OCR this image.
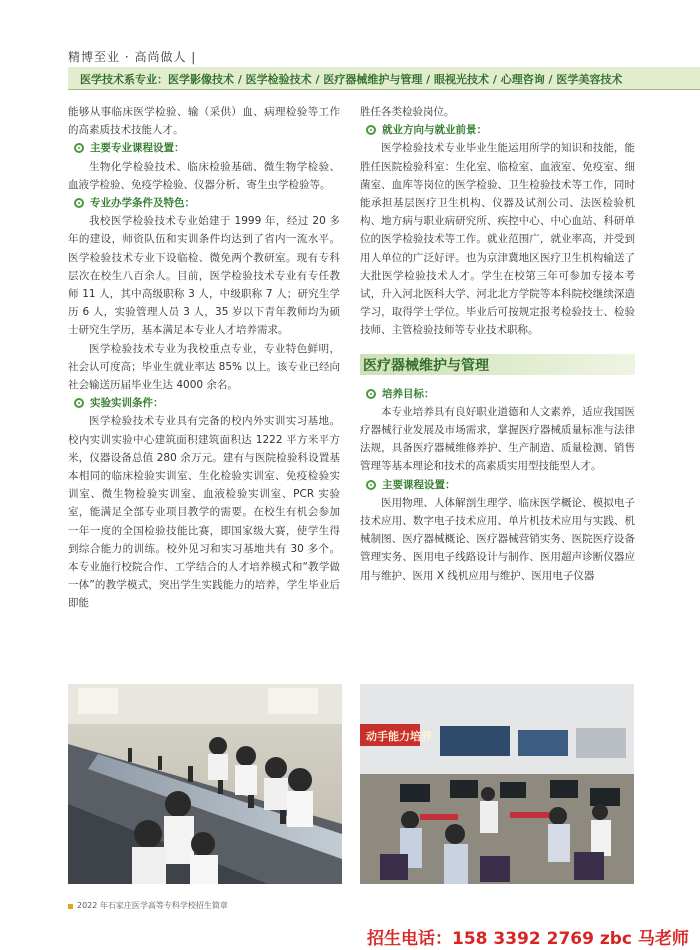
精博至业 · 高尚做人 |
医学技术系专业：医学影像技术 / 医学检验技术 / 医疗器械维护与管理 / 眼视光技术 / 心理咨询 / 医学美容技术

能够从事临床医学检验、输（采供）血、病理检验等工作的高素质技术技能人才。

主要专业课程设置：

生物化学检验技术、临床检验基础、微生物学检验、血液学检验、免疫学检验、仪器分析、寄生虫学检验等。

专业办学条件及特色：

我校医学检验技术专业始建于 1999 年，经过 20 多年的建设，师资队伍和实训条件均达到了省内一流水平。医学检验技术专业下设临检、微免两个教研室。现有专科层次在校生八百余人。目前，医学检验技术专业有专任教师 11 人，其中高级职称 3 人，中级职称 7 人；研究生学历 6 人，实验管理人员 3 人，35 岁以下青年教师均为硕士研究生学历，基本满足本专业人才培养需求。

医学检验技术专业为我校重点专业，专业特色鲜明，社会认可度高；毕业生就业率达 85% 以上。该专业已经向社会输送历届毕业生达 4000 余名。

实验实训条件：

医学检验技术专业具有完备的校内外实训实习基地。校内实训实验中心建筑面积建筑面积达 1222 平方米平方米，仪器设备总值 280 余万元。建有与医院检验科设置基本相同的临床检验实训室、生化检验实训室、免疫检验实训室、微生物检验实训室、血液检验实训室、PCR 实验室，能满足全部专业项目教学的需要。在校生有机会参加一年一度的全国检验技能比赛，即国家级大赛，使学生得到综合能力的训练。校外见习和实习基地共有 30 多个。本专业施行校院合作、工学结合的人才培养模式和“教学做一体”的教学模式，突出学生实践能力的培养，学生毕业后即能

胜任各类检验岗位。

就业方向与就业前景：

医学检验技术专业毕业生能运用所学的知识和技能，能胜任医院检验科室：生化室、临检室、血液室、免疫室、细菌室、血库等岗位的医学检验、卫生检验技术等工作，同时能承担基层医疗卫生机构、仪器及试剂公司、法医检验机构、地方病与职业病研究所、疾控中心、中心血站、科研单位的医学检验技术等工作。就业范围广，就业率高，并受到用人单位的广泛好评。也为京津冀地区医疗卫生机构输送了大批医学检验技术人才。学生在校第三年可参加专接本考试，升入河北医科大学、河北北方学院等本科院校继续深造学习，取得学士学位。毕业后可按规定报考检验技士、检验技师、主管检验技师等专业技术职称。

医疗器械维护与管理
培养目标：

本专业培养具有良好职业道德和人文素养，适应我国医疗器械行业发展及市场需求，掌握医疗器械质量标准与法律法规，具备医疗器械维修养护、生产制造、质量检测、销售管理等基本理论和技术的高素质实用型技能型人才。

主要课程设置：

医用物理、人体解剖生理学、临床医学概论、模拟电子技术应用、数字电子技术应用、单片机技术应用与实践、机械制图、医疗器械概论、医疗器械营销实务、医院医疗设备管理实务、医用电子线路设计与制作、医用超声诊断仪器应用与维护、医用 X 线机应用与维护、医用电子仪器

动手能力培养
2022 年石家庄医学高等专科学校招生简章
招生电话：158 3392 2769 zbc 马老师
